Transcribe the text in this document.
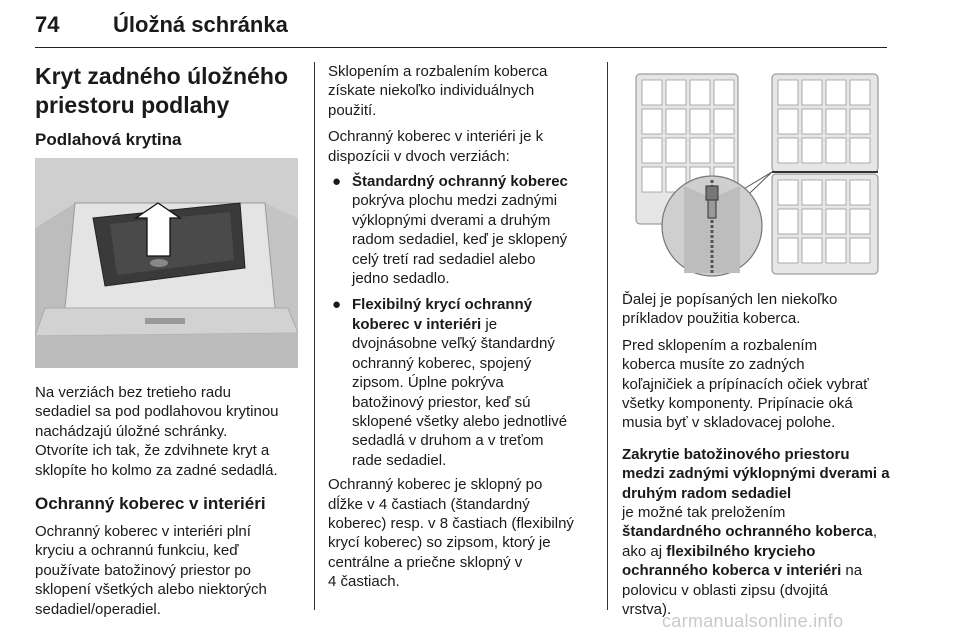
74 Úložná schránka
Kryt zadného úložného
priestoru podlahy
Podlahová krytina

Na verziách bez tretieho radu
sedadiel sa pod podlahovou krytinou
nachádzajú úložné schránky.
Otvoríte ich tak, že zdvihnete kryt a
sklopíte ho kolmo za zadné sedadlá.

Ochranný koberec v interiéri

Ochranný koberec v interiéri plní
kryciu a ochrannú funkciu, keď
používate batožinový priestor po
sklopení všetkých alebo niektorých
sedadiel/operadiel.

Sklopením a rozbalením koberca
získate niekoľko individuálnych
použití.

Ochranný koberec v interiéri je k
dispozícii v dvoch verziách:

● Štandardný ochranný koberec
pokrýva plochu medzi zadnými
výklopnými dverami a druhým
radom sedadiel, keď je sklopený
celý tretí rad sedadiel alebo
jedno sedadlo.
● Flexibilný krycí ochranný
koberec v interiéri je
dvojnásobne veľký štandardný
ochranný koberec, spojený
zipsom. Úplne pokrýva
batožinový priestor, keď sú
sklopené všetky alebo jednotlivé
sedadlá v druhom a v treťom
rade sedadiel.

Ochranný koberec je sklopný po
dĺžke v 4 častiach (štandardný
koberec) resp. v 8 častiach (flexibilný
krycí koberec) so zipsom, ktorý je
centrálne a priečne sklopný v
4 častiach.

Ďalej je popísaných len niekoľko
príkladov použitia koberca.

Pred sklopením a rozbalením
koberca musíte zo zadných
koľajničiek a prípínacích očiek vybrať
všetky komponenty. Pripínacie oká
musia byť v skladovacej polohe.

Zakrytie batožinového priestoru
medzi zadnými výklopnými dverami a
druhým radom sedadiel

je možné tak preložením
štandardného ochranného koberca,
ako aj flexibilného krycieho
ochranného koberca v interiéri na
polovicu v oblasti zipsu (dvojitá
vrstva).

carmanualsonline.info
